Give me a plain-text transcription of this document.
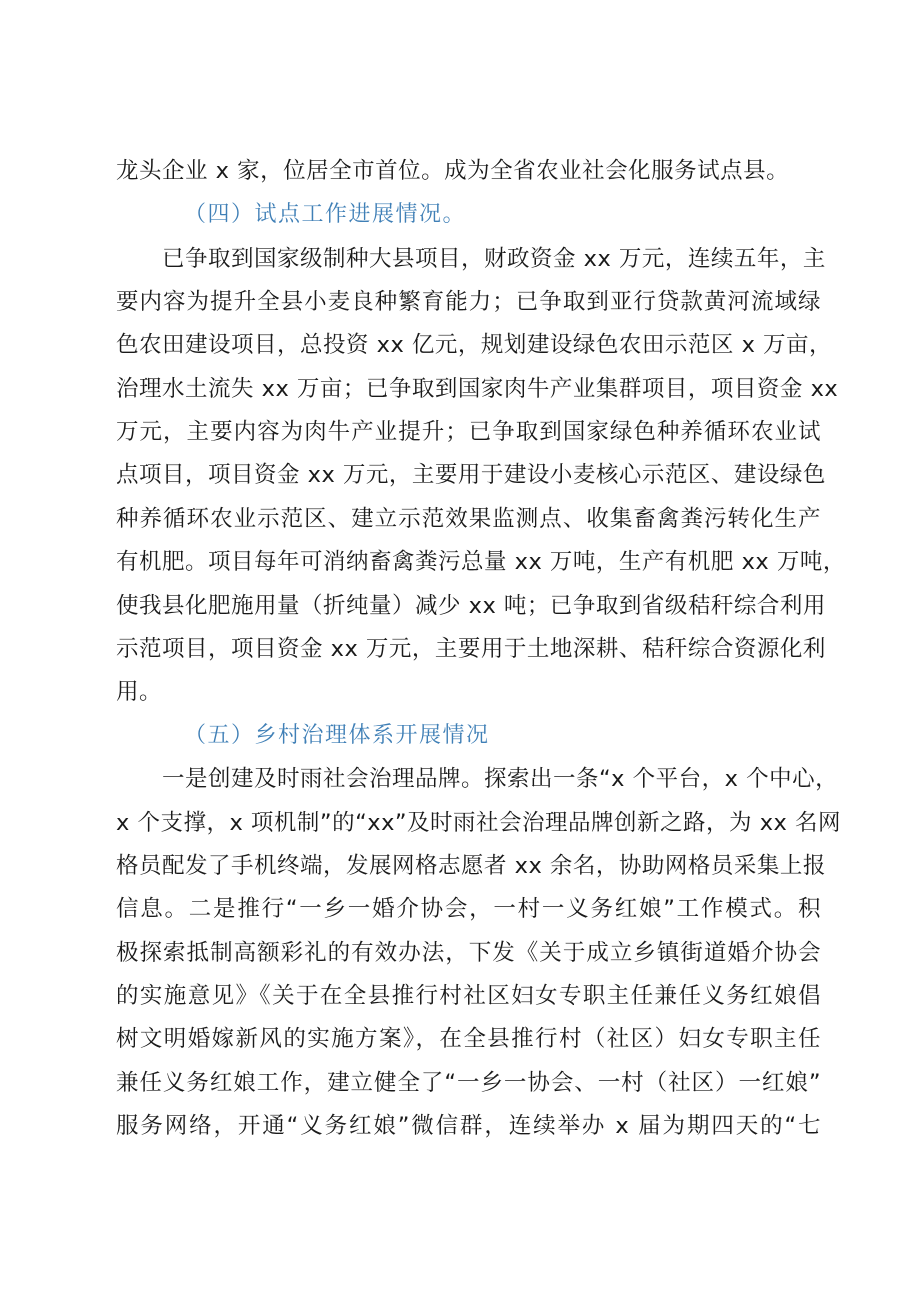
龙头企业 x 家，位居全市首位。成为全省农业社会化服务试点县。
（四）试点工作进展情况。
已争取到国家级制种大县项目，财政资金 xx 万元，连续五年，主
要内容为提升全县小麦良种繁育能力；已争取到亚行贷款黄河流域绿
色农田建设项目，总投资 xx 亿元，规划建设绿色农田示范区 x 万亩，
治理水土流失 xx 万亩；已争取到国家肉牛产业集群项目，项目资金 xx
万元，主要内容为肉牛产业提升；已争取到国家绿色种养循环农业试
点项目，项目资金 xx 万元，主要用于建设小麦核心示范区、建设绿色
种养循环农业示范区、建立示范效果监测点、收集畜禽粪污转化生产
有机肥。项目每年可消纳畜禽粪污总量 xx 万吨，生产有机肥 xx 万吨，
使我县化肥施用量（折纯量）减少 xx 吨；已争取到省级秸秆综合利用
示范项目，项目资金 xx 万元，主要用于土地深耕、秸秆综合资源化利
用。
（五）乡村治理体系开展情况
一是创建及时雨社会治理品牌。探索出一条“x 个平台，x 个中心，
x 个支撑，x 项机制”的“xx”及时雨社会治理品牌创新之路，为 xx 名网
格员配发了手机终端，发展网格志愿者 xx 余名，协助网格员采集上报
信息。二是推行“一乡一婚介协会，一村一义务红娘”工作模式。积
极探索抵制高额彩礼的有效办法，下发《关于成立乡镇街道婚介协会
的实施意见》《关于在全县推行村社区妇女专职主任兼任义务红娘倡
树文明婚嫁新风的实施方案》，在全县推行村（社区）妇女专职主任
兼任义务红娘工作，建立健全了“一乡一协会、一村（社区）一红娘”
服务网络，开通“义务红娘”微信群，连续举办 x 届为期四天的“七
